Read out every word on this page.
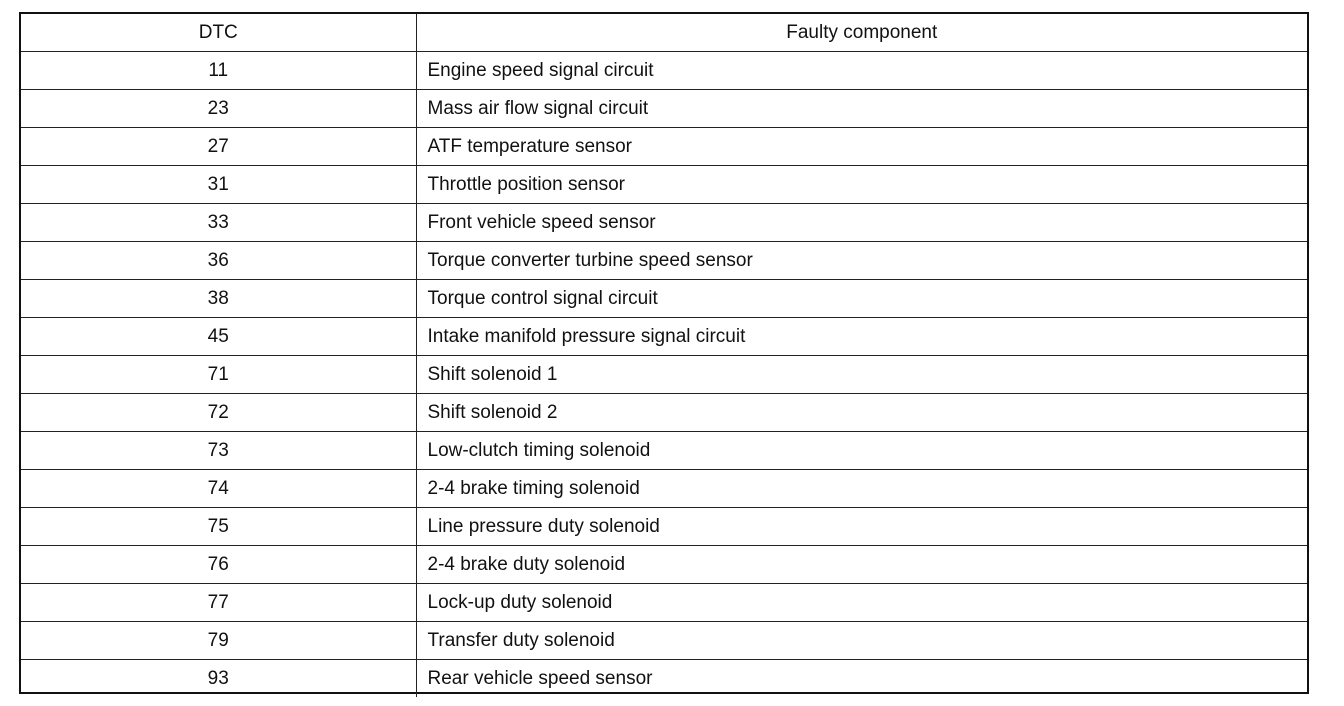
DTC	Faulty component
11	Engine speed signal circuit
23	Mass air flow signal circuit
27	ATF temperature sensor
31	Throttle position sensor
33	Front vehicle speed sensor
36	Torque converter turbine speed sensor
38	Torque control signal circuit
45	Intake manifold pressure signal circuit
71	Shift solenoid 1
72	Shift solenoid 2
73	Low-clutch timing solenoid
74	2-4 brake timing solenoid
75	Line pressure duty solenoid
76	2-4 brake duty solenoid
77	Lock-up duty solenoid
79	Transfer duty solenoid
93	Rear vehicle speed sensor
